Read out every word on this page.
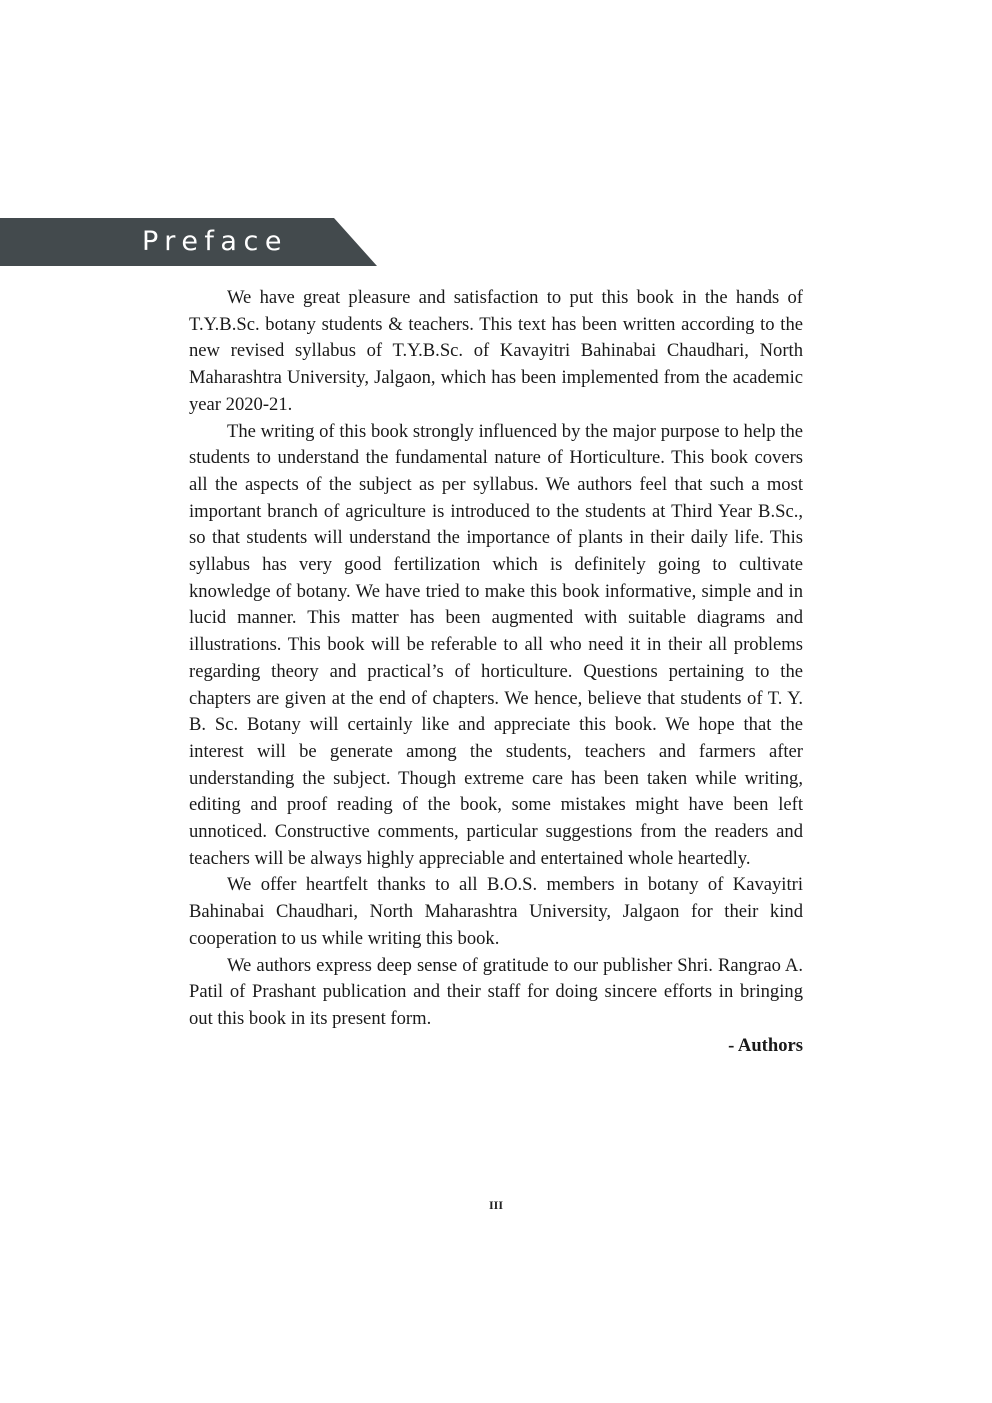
Preface

We have great pleasure and satisfaction to put this book in the hands of T.Y.B.Sc. botany students & teachers. This text has been written according to the new revised syllabus of T.Y.B.Sc. of Kavayitri Bahinabai Chaudhari, North Maharashtra University, Jalgaon, which has been implemented from the academic year 2020-21.

The writing of this book strongly influenced by the major purpose to help the students to understand the fundamental nature of Horticulture. This book covers all the aspects of the subject as per syllabus. We authors feel that such a most important branch of agriculture is introduced to the students at Third Year B.Sc., so that students will understand the importance of plants in their daily life. This syllabus has very good fertilization which is definitely going to cultivate knowledge of botany. We have tried to make this book informative, simple and in lucid manner. This matter has been augmented with suitable diagrams and illustrations. This book will be referable to all who need it in their all problems regarding theory and practical’s of horticulture. Questions pertaining to the chapters are given at the end of chapters. We hence, believe that students of T. Y. B. Sc. Botany will certainly like and appreciate this book. We hope that the interest will be generate among the students, teachers and farmers after understanding the subject. Though extreme care has been taken while writing, editing and proof reading of the book, some mistakes might have been left unnoticed. Constructive comments, particular suggestions from the readers and teachers will be always highly appreciable and entertained whole heartedly.

We offer heartfelt thanks to all B.O.S. members in botany of Kavayitri Bahinabai Chaudhari, North Maharashtra University, Jalgaon for their kind cooperation to us while writing this book.

We authors express deep sense of gratitude to our publisher Shri. Rangrao A. Patil of Prashant publication and their staff for doing sincere efforts in bringing out this book in its present form.

- Authors
III
